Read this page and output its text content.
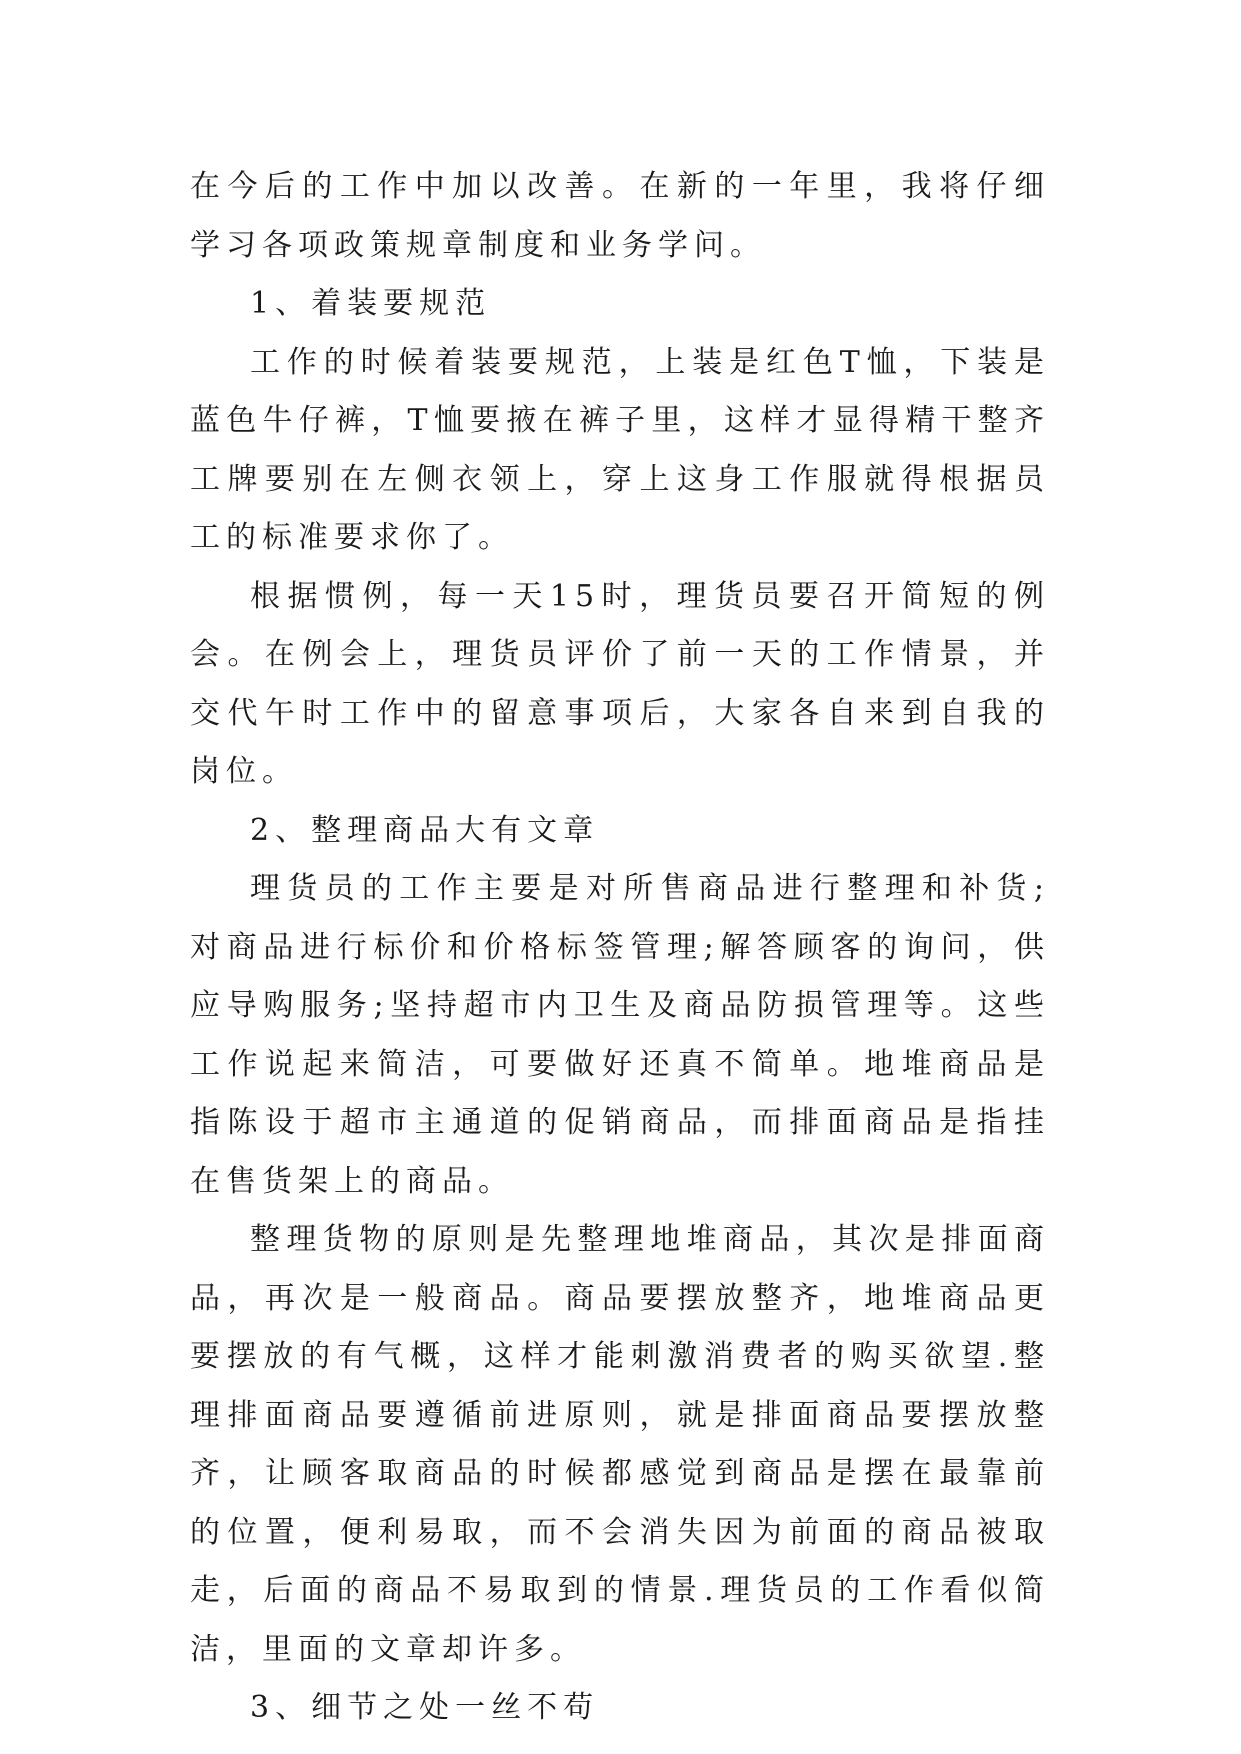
在今后的工作中加以改善。在新的一年里，我将仔细学习各项政策规章制度和业务学问。

1、着装要规范

工作的时候着装要规范，上装是红色T恤，下装是蓝色牛仔裤，T恤要掖在裤子里，这样才显得精干整齐工牌要别在左侧衣领上，穿上这身工作服就得根据员工的标准要求你了。

根据惯例，每一天15时，理货员要召开简短的例会。在例会上，理货员评价了前一天的工作情景，并交代午时工作中的留意事项后，大家各自来到自我的岗位。

2、整理商品大有文章

理货员的工作主要是对所售商品进行整理和补货;对商品进行标价和价格标签管理;解答顾客的询问，供应导购服务;坚持超市内卫生及商品防损管理等。这些工作说起来简洁，可要做好还真不简单。地堆商品是指陈设于超市主通道的促销商品，而排面商品是指挂在售货架上的商品。

整理货物的原则是先整理地堆商品，其次是排面商品，再次是一般商品。商品要摆放整齐，地堆商品更要摆放的有气概，这样才能刺激消费者的购买欲望.整理排面商品要遵循前进原则，就是排面商品要摆放整齐，让顾客取商品的时候都感觉到商品是摆在最靠前的位置，便利易取，而不会消失因为前面的商品被取走，后面的商品不易取到的情景.理货员的工作看似简洁，里面的文章却许多。

3、细节之处一丝不苟
